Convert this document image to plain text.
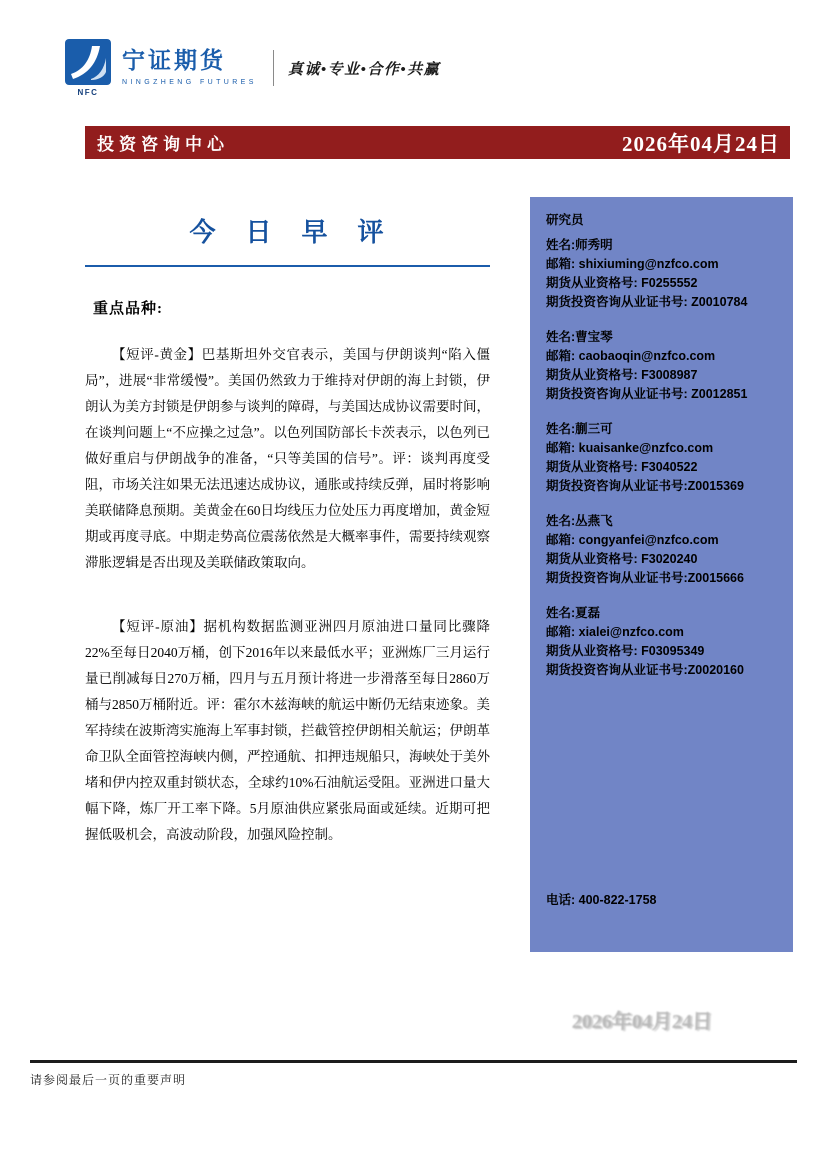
NFC
宁证期货
NINGZHENG FUTURES
真诚•专业•合作•共赢
投资咨询中心	2026年04月24日
今　日　早　评
重点品种:

【短评-黄金】巴基斯坦外交官表示，美国与伊朗谈判“陷入僵局”，进展“非常缓慢”。美国仍然致力于维持对伊朗的海上封锁，伊朗认为美方封锁是伊朗参与谈判的障碍，与美国达成协议需要时间，在谈判问题上“不应操之过急”。以色列国防部长卡茨表示，以色列已做好重启与伊朗战争的准备，“只等美国的信号”。评：谈判再度受阻，市场关注如果无法迅速达成协议，通胀或持续反弹，届时将影响美联储降息预期。美黄金在60日均线压力位处压力再度增加，黄金短期或再度寻底。中期走势高位震荡依然是大概率事件，需要持续观察滞胀逻辑是否出现及美联储政策取向。

【短评-原油】据机构数据监测亚洲四月原油进口量同比骤降22%至每日2040万桶，创下2016年以来最低水平；亚洲炼厂三月运行量已削减每日270万桶，四月与五月预计将进一步滑落至每日2860万桶与2850万桶附近。评：霍尔木兹海峡的航运中断仍无结束迹象。美军持续在波斯湾实施海上军事封锁，拦截管控伊朗相关航运；伊朗革命卫队全面管控海峡内侧，严控通航、扣押违规船只，海峡处于美外堵和伊内控双重封锁状态，全球约10%石油航运受阻。亚洲进口量大幅下降，炼厂开工率下降。5月原油供应紧张局面或延续。近期可把握低吸机会，高波动阶段，加强风险控制。

研究员
姓名:师秀明
邮箱: shixiuming@nzfco.com
期货从业资格号: F0255552
期货投资咨询从业证书号: Z0010784
姓名:曹宝琴
邮箱: caobaoqin@nzfco.com
期货从业资格号: F3008987
期货投资咨询从业证书号: Z0012851
姓名:蒯三可
邮箱: kuaisanke@nzfco.com
期货从业资格号: F3040522
期货投资咨询从业证书号:Z0015369
姓名:丛燕飞
邮箱: congyanfei@nzfco.com
期货从业资格号: F3020240
期货投资咨询从业证书号:Z0015666
姓名:夏磊
邮箱: xialei@nzfco.com
期货从业资格号: F03095349
期货投资咨询从业证书号:Z0020160
电话: 400-822-1758
2026年04月24日
请参阅最后一页的重要声明
